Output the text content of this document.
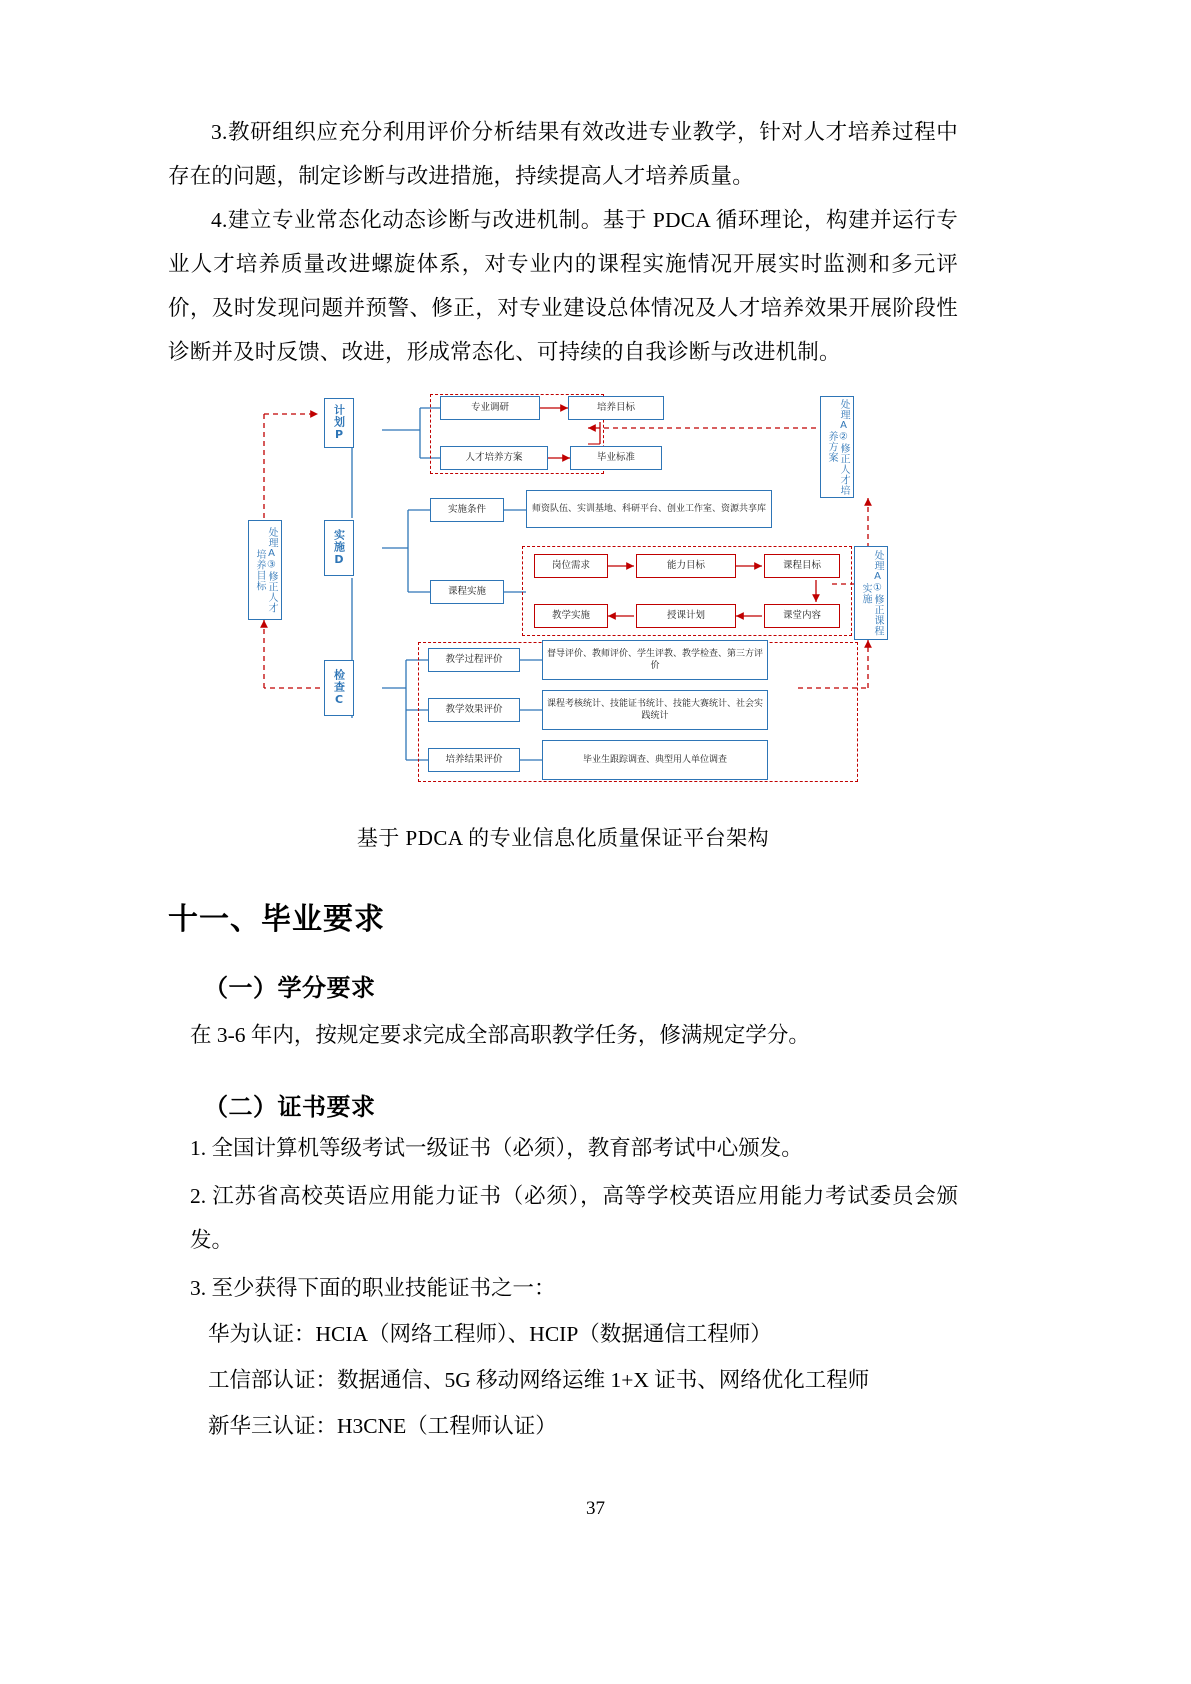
3.教研组织应充分利用评价分析结果有效改进专业教学，针对人才培养过程中存在的问题，制定诊断与改进措施，持续提高人才培养质量。

4.建立专业常态化动态诊断与改进机制。基于 PDCA 循环理论，构建并运行专业人才培养质量改进螺旋体系，对专业内的课程实施情况开展实时监测和多元评价，及时发现问题并预警、修正，对专业建设总体情况及人才培养效果开展阶段性诊断并及时反馈、改进，形成常态化、可持续的自我诊断与改进机制。

计划P
实施D
检查C
处理A③修正人才培养目标
处理A②修正人才培养方案
处理A①修正课程实施
专业调研	培养目标
人才培养方案	毕业标准
实施条件	师资队伍、实训基地、科研平台、创业工作室、资源共享库
课程实施
岗位需求	能力目标	课程目标
教学实施	授课计划	课堂内容
教学过程评价	督导评价、教师评价、学生评教、教学检查、第三方评价
教学效果评价	课程考核统计、技能证书统计、技能大赛统计、社会实践统计
培养结果评价	毕业生跟踪调查、典型用人单位调查
基于 PDCA 的专业信息化质量保证平台架构
十一、毕业要求
（一）学分要求

在 3-6 年内，按规定要求完成全部高职教学任务，修满规定学分。

（二）证书要求

1. 全国计算机等级考试一级证书（必须），教育部考试中心颁发。

2. 江苏省高校英语应用能力证书（必须），高等学校英语应用能力考试委员会颁发。

3. 至少获得下面的职业技能证书之一：

华为认证：HCIA（网络工程师）、HCIP（数据通信工程师）

工信部认证：数据通信、5G 移动网络运维 1+X 证书、网络优化工程师

新华三认证：H3CNE（工程师认证）

37
